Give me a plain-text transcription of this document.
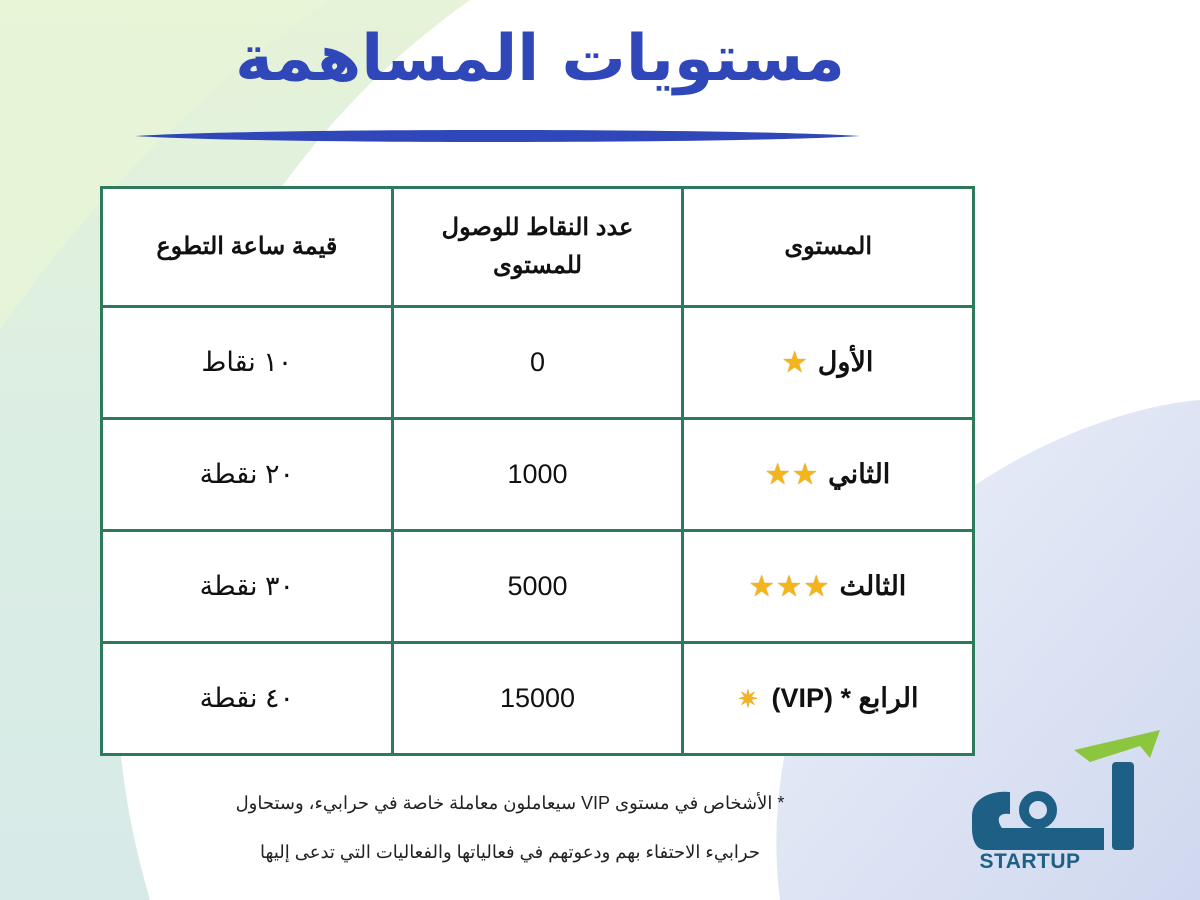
مستويات المساهمة
المستوى	عدد النقاط للوصول للمستوى	قيمة ساعة التطوع
الأول ★	0	١٠ نقاط
الثاني ★★	1000	٢٠ نقطة
الثالث ★★★	5000	٣٠ نقطة
الرابع * (VIP) ✷	15000	٤٠ نقطة
* الأشخاص في مستوى VIP سيعاملون معاملة خاصة في حرابيء، وستحاول
حرابيء الاحتفاء بهم ودعوتهم في فعالياتها والفعاليات التي تدعى إليها	STARTUP
